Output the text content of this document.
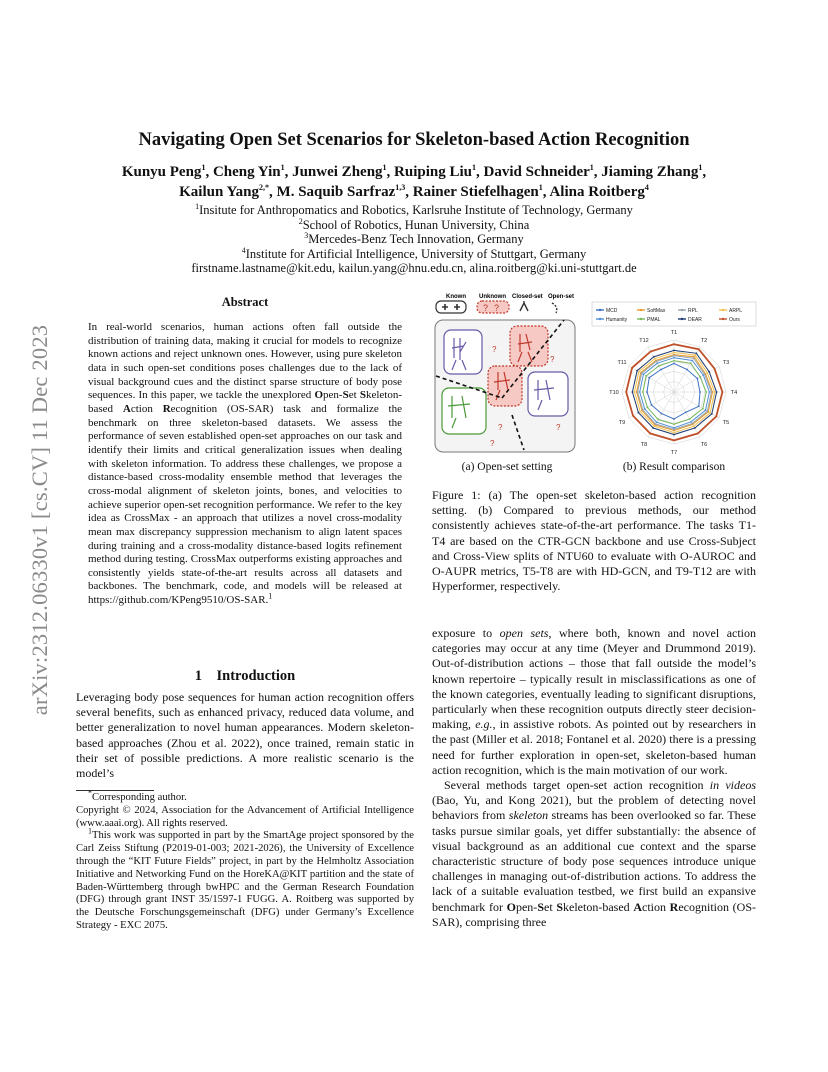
arXiv:2312.06330v1 [cs.CV] 11 Dec 2023
Navigating Open Set Scenarios for Skeleton-based Action Recognition
Kunyu Peng$^1$, Cheng Yin$^1$, Junwei Zheng$^1$, Ruiping Liu$^1$, David Schneider$^1$, Jiaming Zhang$^1$,
Kailun Yang$^{2,*}$, M. Saquib Sarfraz$^{1,3}$, Rainer Stiefelhagen$^1$, Alina Roitberg$^4$
$^1$Insitute for Anthropomatics and Robotics, Karlsruhe Institute of Technology, Germany
$^2$School of Robotics, Hunan University, China
$^3$Mercedes-Benz Tech Innovation, Germany
$^4$Institute for Artificial Intelligence, University of Stuttgart, Germany
firstname.lastname@kit.edu, kailun.yang@hnu.edu.cn, alina.roitberg@ki.uni-stuttgart.de
Abstract
In real-world scenarios, human actions often fall outside the distribution of training data, making it crucial for models to recognize known actions and reject unknown ones. However, using pure skeleton data in such open-set conditions poses challenges due to the lack of visual background cues and the distinct sparse structure of body pose sequences. In this paper, we tackle the unexplored Open-Set Skeleton-based Action Recognition (OS-SAR) task and formalize the benchmark on three skeleton-based datasets. We assess the performance of seven established open-set approaches on our task and identify their limits and critical generalization issues when dealing with skeleton information. To address these challenges, we propose a distance-based cross-modality ensemble method that leverages the cross-modal alignment of skeleton joints, bones, and velocities to achieve superior open-set recognition performance. We refer to the key idea as CrossMax - an approach that utilizes a novel cross-modality mean max discrepancy suppression mechanism to align latent spaces during training and a cross-modality distance-based logits refinement method during testing. CrossMax outperforms existing approaches and consistently yields state-of-the-art results across all datasets and backbones. The benchmark, code, and models will be released at https://github.com/KPeng9510/OS-SAR.$^1$
1    Introduction
Leveraging body pose sequences for human action recognition offers several benefits, such as enhanced privacy, reduced data volume, and better generalization to novel human appearances. Modern skeleton-based approaches (Zhou et al. 2022), once trained, remain static in their set of possible predictions. A more realistic scenario is the model’s
*Corresponding author.
Copyright © 2024, Association for the Advancement of Artificial Intelligence (www.aaai.org). All rights reserved.
$^1$This work was supported in part by the SmartAge project sponsored by the Carl Zeiss Stiftung (P2019-01-003; 2021-2026), the University of Excellence through the “KIT Future Fields” project, in part by the Helmholtz Association Initiative and Networking Fund on the HoreKA@KIT partition and the state of Baden-Württemberg through bwHPC and the German Research Foundation (DFG) through grant INST 35/1597-1 FUGG. A. Roitberg was supported by the Deutsche Forschungsgemeinschaft (DFG) under Germany’s Excellence Strategy - EXC 2075.
Known Unknown Closed-set Open-set
? ?
?
?
?	?
?
(a) Open-set setting
MCD	SoftMax	RPL	ARPL
Humanity	PMAL	DEAR	Ours
T1
T2
T3
T4
T5
T6
T7
T8
T9
T10
T11
T12
(b) Result comparison
Figure 1: (a) The open-set skeleton-based action recognition setting. (b) Compared to previous methods, our method consistently achieves state-of-the-art performance. The tasks T1-T4 are based on the CTR-GCN backbone and use Cross-Subject and Cross-View splits of NTU60 to evaluate with O-AUROC and O-AUPR metrics, T5-T8 are with HD-GCN, and T9-T12 are with Hyperformer, respectively.

exposure to open sets, where both, known and novel action categories may occur at any time (Meyer and Drummond 2019). Out-of-distribution actions – those that fall outside the model’s known repertoire – typically result in misclassifications as one of the known categories, eventually leading to significant disruptions, particularly when these recognition outputs directly steer decision-making, e.g., in assistive robots. As pointed out by researchers in the past (Miller et al. 2018; Fontanel et al. 2020) there is a pressing need for further exploration in open-set, skeleton-based human action recognition, which is the main motivation of our work.

Several methods target open-set action recognition in videos (Bao, Yu, and Kong 2021), but the problem of detecting novel behaviors from skeleton streams has been overlooked so far. These tasks pursue similar goals, yet differ substantially: the absence of visual background as an additional cue context and the sparse characteristic structure of body pose sequences introduce unique challenges in managing out-of-distribution actions. To address the lack of a suitable evaluation testbed, we first build an expansive benchmark for Open-Set Skeleton-based Action Recognition (OS-SAR), comprising three
